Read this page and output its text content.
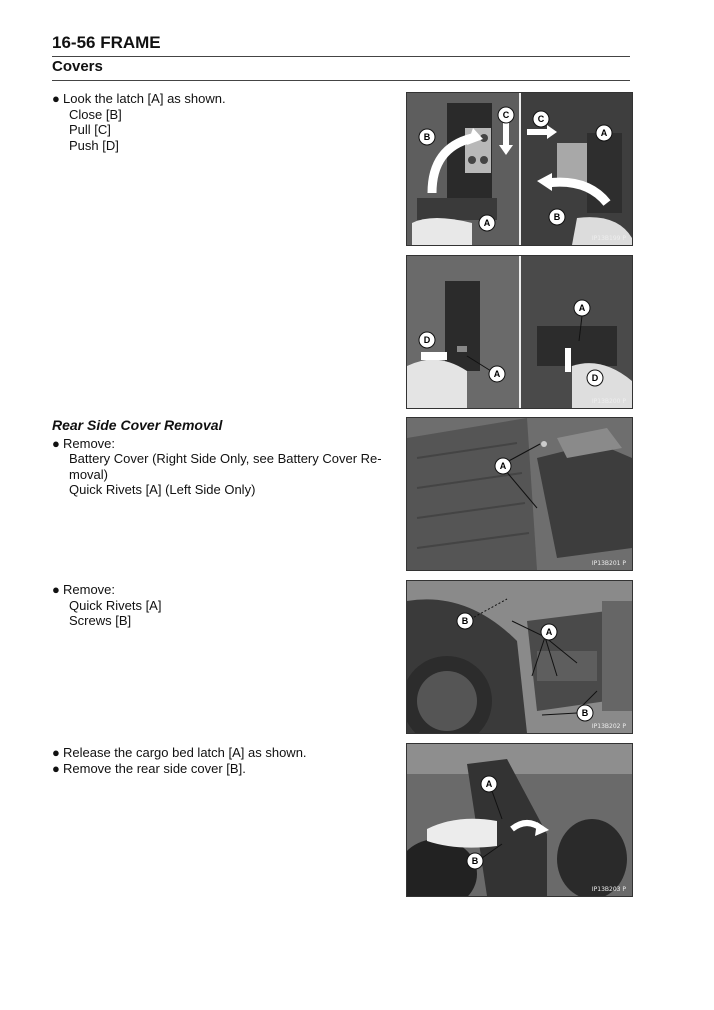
16-56 FRAME
Covers
● Look the latch [A] as shown.
Close [B]
Pull [C]
Push [D]
Rear Side Cover Removal
● Remove:
Battery Cover (Right Side Only, see Battery Cover Re-
moval)
Quick Rivets [A] (Left Side Only)
● Remove:
Quick Rivets [A]
Screws [B]
● Release the cargo bed latch [A] as shown.
● Remove the rear side cover [B].
B
A
C	C
A
B
IP13B199 P
D
A
A
D
IP13B200 P
A
IP13B201 P
B
A
B
IP13B202 P
A
B
IP13B203 P
